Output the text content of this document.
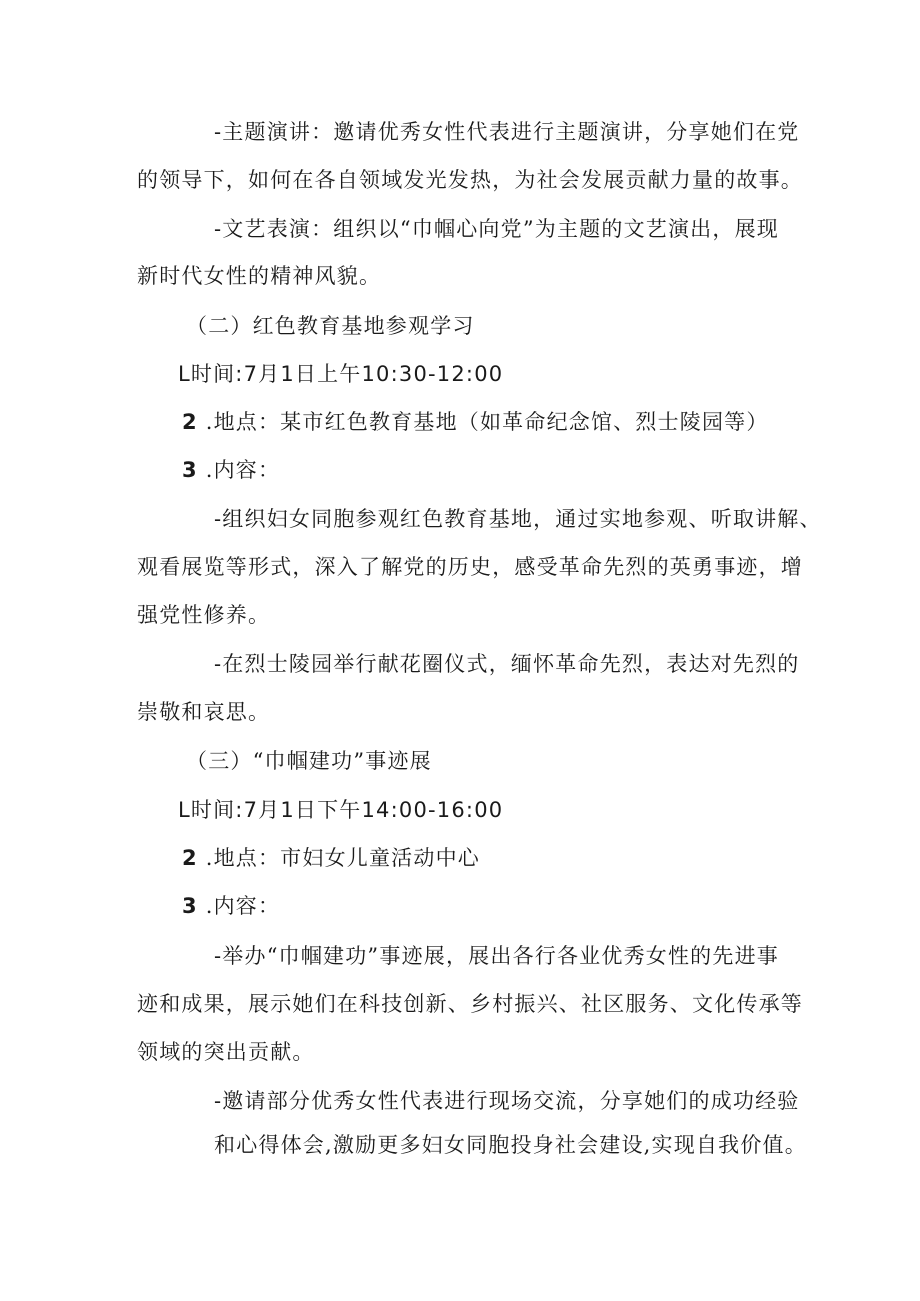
-主题演讲：邀请优秀女性代表进行主题演讲，分享她们在党
的领导下，如何在各自领域发光发热，为社会发展贡献力量的故事。
-文艺表演：组织以“巾帼心向党”为主题的文艺演出，展现
新时代女性的精神风貌。
（二）红色教育基地参观学习
L时间:7月1日上午10:30-12:00
2 .地点：某市红色教育基地（如革命纪念馆、烈士陵园等）
3 .内容：
-组织妇女同胞参观红色教育基地，通过实地参观、听取讲解、
观看展览等形式，深入了解党的历史，感受革命先烈的英勇事迹，增
强党性修养。
-在烈士陵园举行献花圈仪式，缅怀革命先烈，表达对先烈的
崇敬和哀思。
（三）“巾帼建功”事迹展
L时间:7月1日下午14:00-16:00
2 .地点：市妇女儿童活动中心
3 .内容：
-举办“巾帼建功”事迹展，展出各行各业优秀女性的先进事
迹和成果，展示她们在科技创新、乡村振兴、社区服务、文化传承等
领域的突出贡献。
-邀请部分优秀女性代表进行现场交流，分享她们的成功经验
和心得体会,激励更多妇女同胞投身社会建设,实现自我价值。
